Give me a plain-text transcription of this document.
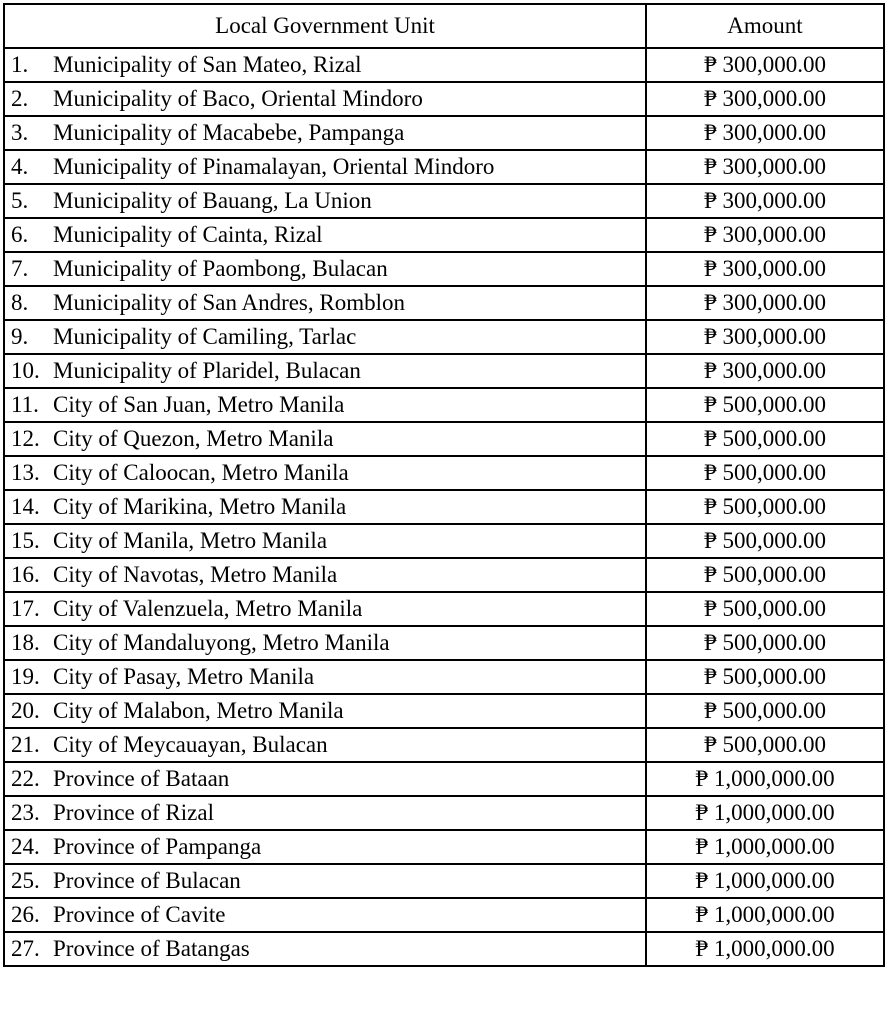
Local Government Unit	Amount
1. Municipality of San Mateo, Rizal	₱ 300,000.00
2. Municipality of Baco, Oriental Mindoro	₱ 300,000.00
3. Municipality of Macabebe, Pampanga	₱ 300,000.00
4. Municipality of Pinamalayan, Oriental Mindoro	₱ 300,000.00
5. Municipality of Bauang, La Union	₱ 300,000.00
6. Municipality of Cainta, Rizal	₱ 300,000.00
7. Municipality of Paombong, Bulacan	₱ 300,000.00
8. Municipality of San Andres, Romblon	₱ 300,000.00
9. Municipality of Camiling, Tarlac	₱ 300,000.00
10. Municipality of Plaridel, Bulacan	₱ 300,000.00
11. City of San Juan, Metro Manila	₱ 500,000.00
12. City of Quezon, Metro Manila	₱ 500,000.00
13. City of Caloocan, Metro Manila	₱ 500,000.00
14. City of Marikina, Metro Manila	₱ 500,000.00
15. City of Manila, Metro Manila	₱ 500,000.00
16. City of Navotas, Metro Manila	₱ 500,000.00
17. City of Valenzuela, Metro Manila	₱ 500,000.00
18. City of Mandaluyong, Metro Manila	₱ 500,000.00
19. City of Pasay, Metro Manila	₱ 500,000.00
20. City of Malabon, Metro Manila	₱ 500,000.00
21. City of Meycauayan, Bulacan	₱ 500,000.00
22. Province of Bataan	₱ 1,000,000.00
23. Province of Rizal	₱ 1,000,000.00
24. Province of Pampanga	₱ 1,000,000.00
25. Province of Bulacan	₱ 1,000,000.00
26. Province of Cavite	₱ 1,000,000.00
27. Province of Batangas	₱ 1,000,000.00
